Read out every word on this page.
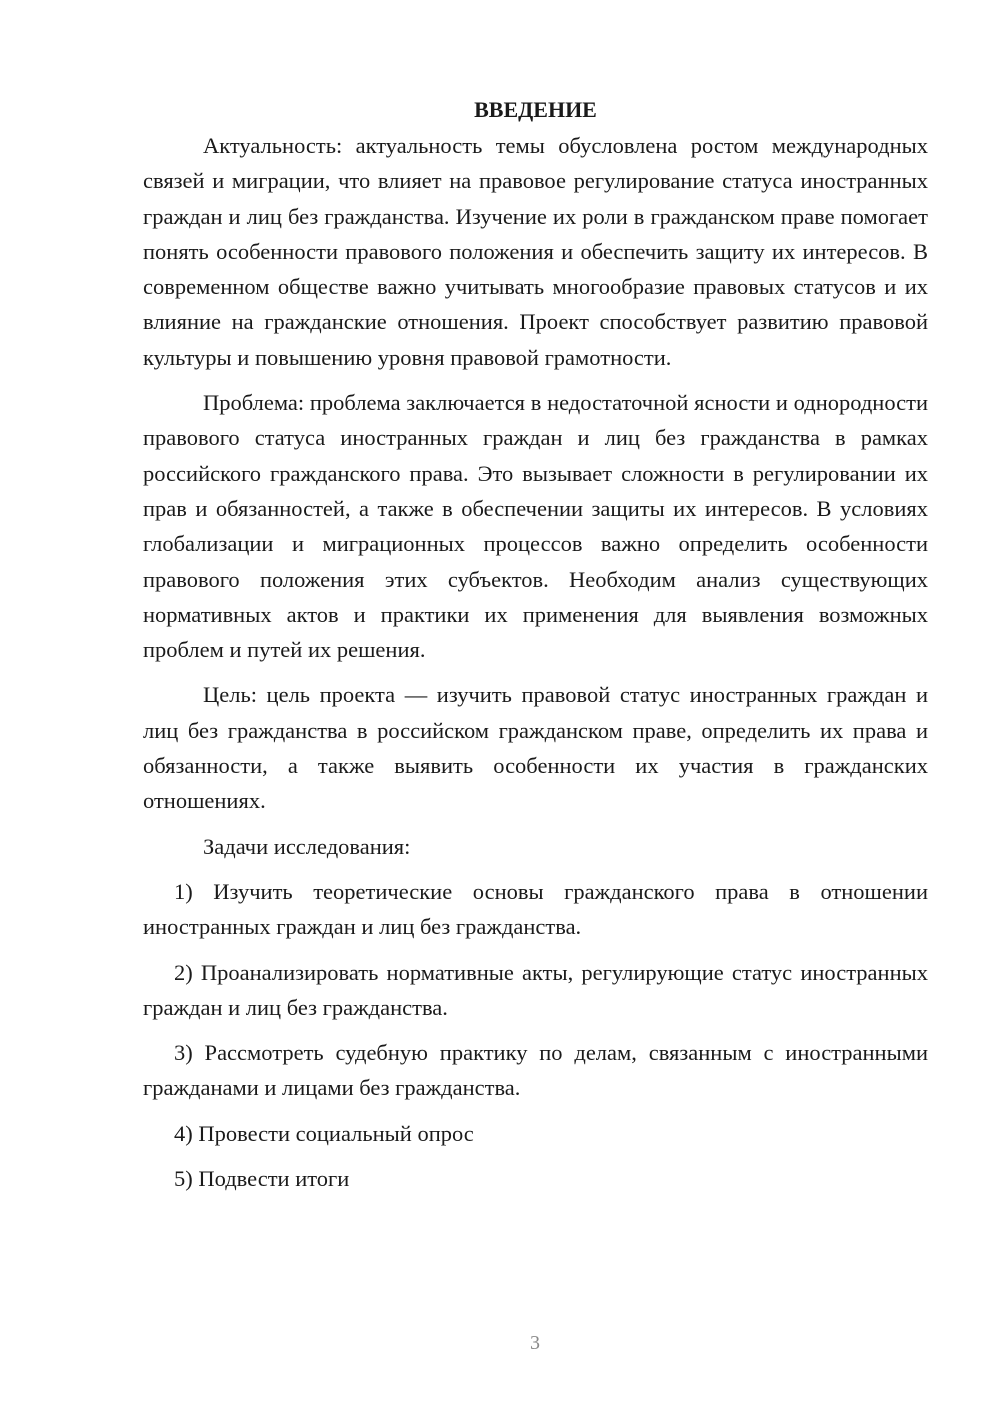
ВВЕДЕНИЕ

Актуальность: актуальность темы обусловлена ростом международных связей и миграции, что влияет на правовое регулирование статуса иностранных граждан и лиц без гражданства. Изучение их роли в гражданском праве помогает понять особенности правового положения и обеспечить защиту их интересов. В современном обществе важно учитывать многообразие правовых статусов и их влияние на гражданские отношения. Проект способствует развитию правовой культуры и повышению уровня правовой грамотности.

Проблема: проблема заключается в недостаточной ясности и однородности правового статуса иностранных граждан и лиц без гражданства в рамках российского гражданского права. Это вызывает сложности в регулировании их прав и обязанностей, а также в обеспечении защиты их интересов. В условиях глобализации и миграционных процессов важно определить особенности правового положения этих субъектов. Необходим анализ существующих нормативных актов и практики их применения для выявления возможных проблем и путей их решения.

Цель: цель проекта — изучить правовой статус иностранных граждан и лиц без гражданства в российском гражданском праве, определить их права и обязанности, а также выявить особенности их участия в гражданских отношениях.

Задачи исследования:

1) Изучить теоретические основы гражданского права в отношении иностранных граждан и лиц без гражданства.

2) Проанализировать нормативные акты, регулирующие статус иностранных граждан и лиц без гражданства.

3) Рассмотреть судебную практику по делам, связанным с иностранными гражданами и лицами без гражданства.

4) Провести социальный опрос

5) Подвести итоги

3
